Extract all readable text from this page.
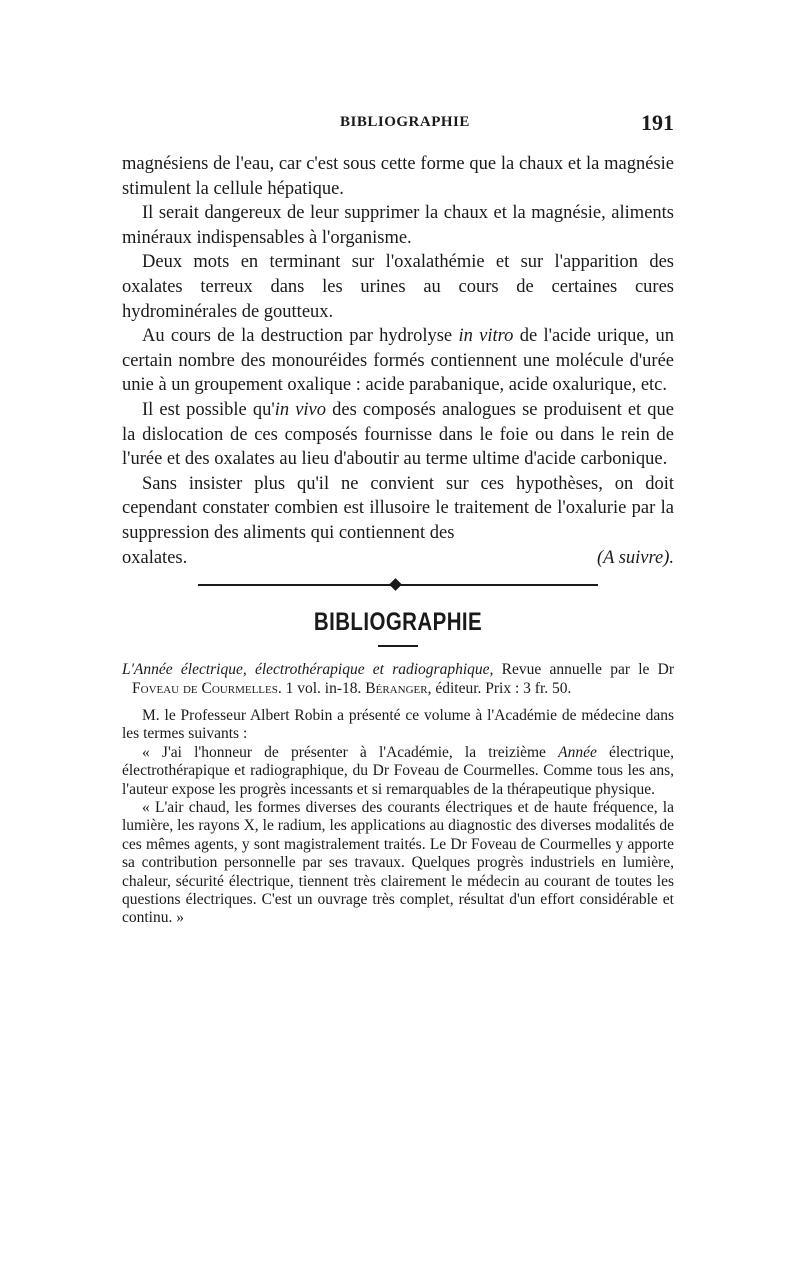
BIBLIOGRAPHIE	191

magnésiens de l'eau, car c'est sous cette forme que la chaux et la magnésie stimulent la cellule hépatique.

Il serait dangereux de leur supprimer la chaux et la magnésie, aliments minéraux indispensables à l'organisme.

Deux mots en terminant sur l'oxalathémie et sur l'apparition des oxalates terreux dans les urines au cours de certaines cures hydrominérales de goutteux.

Au cours de la destruction par hydrolyse in vitro de l'acide urique, un certain nombre des monouréides formés contiennent une molécule d'urée unie à un groupement oxalique : acide parabanique, acide oxalurique, etc.

Il est possible qu'in vivo des composés analogues se produisent et que la dislocation de ces composés fournisse dans le foie ou dans le rein de l'urée et des oxalates au lieu d'aboutir au terme ultime d'acide carbonique.

Sans insister plus qu'il ne convient sur ces hypothèses, on doit cependant constater combien est illusoire le traitement de l'oxalurie par la suppression des aliments qui contiennent des

oxalates.	(A suivre).
BIBLIOGRAPHIE

L'Année électrique, électrothérapique et radiographique, Revue annuelle par le Dr Foveau de Courmelles. 1 vol. in-18. Béranger, éditeur. Prix : 3 fr. 50.

M. le Professeur Albert Robin a présenté ce volume à l'Académie de médecine dans les termes suivants :

« J'ai l'honneur de présenter à l'Académie, la treizième Année électrique, électrothérapique et radiographique, du Dr Foveau de Courmelles. Comme tous les ans, l'auteur expose les progrès incessants et si remarquables de la thérapeutique physique.

« L'air chaud, les formes diverses des courants électriques et de haute fréquence, la lumière, les rayons X, le radium, les applications au diagnostic des diverses modalités de ces mêmes agents, y sont magistralement traités. Le Dr Foveau de Courmelles y apporte sa contribution personnelle par ses travaux. Quelques progrès industriels en lumière, chaleur, sécurité électrique, tiennent très clairement le médecin au courant de toutes les questions électriques. C'est un ouvrage très complet, résultat d'un effort considérable et continu. »
